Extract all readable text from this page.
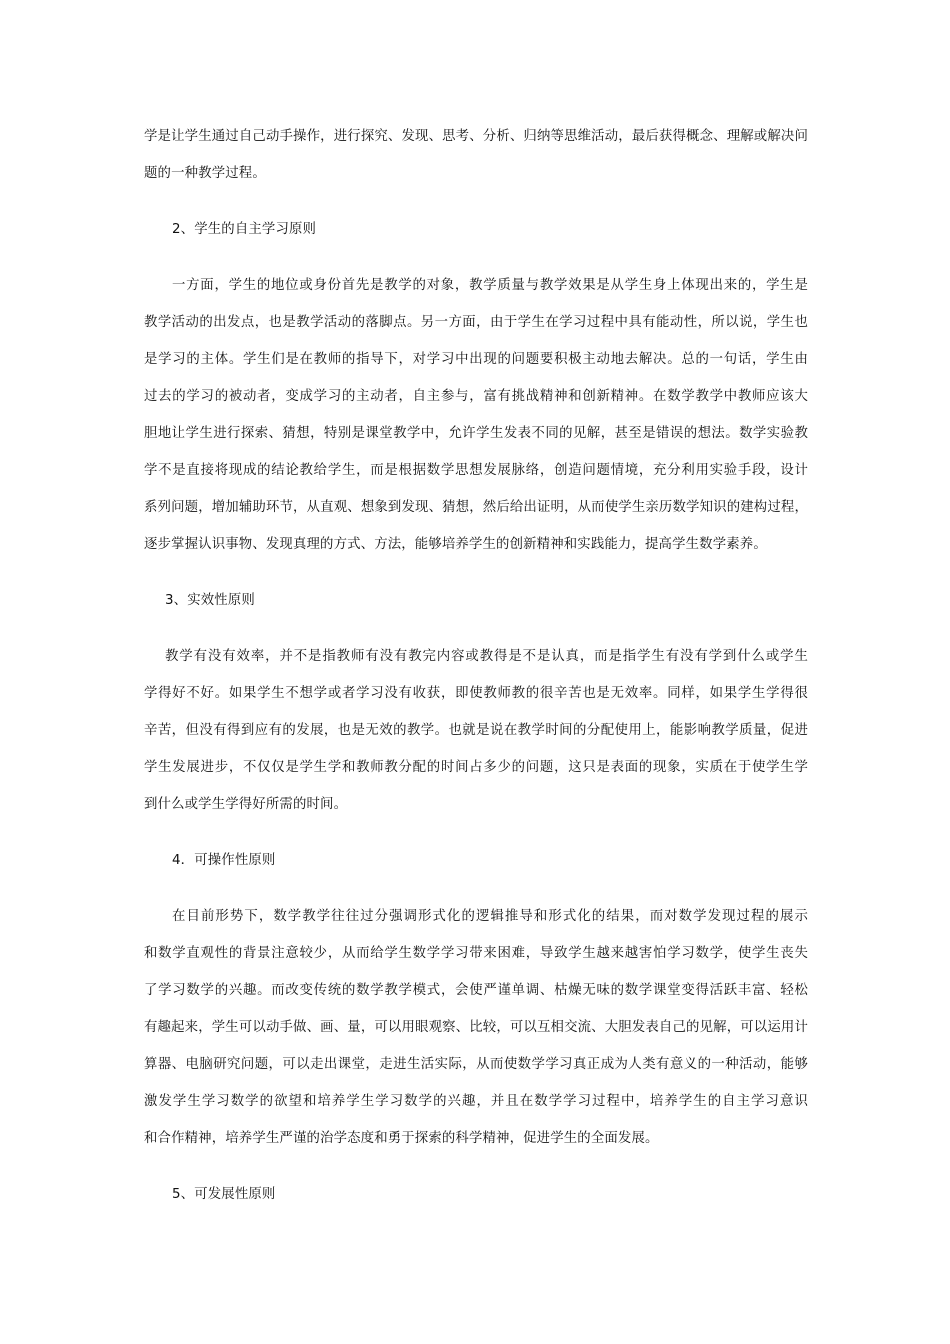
学是让学生通过自己动手操作，进行探究、发现、思考、分析、归纳等思维活动，最后获得概念、理解或解决问
题的一种教学过程。
2、学生的自主学习原则
一方面，学生的地位或身份首先是教学的对象，教学质量与教学效果是从学生身上体现出来的，学生是
教学活动的出发点，也是教学活动的落脚点。另一方面，由于学生在学习过程中具有能动性，所以说，学生也
是学习的主体。学生们是在教师的指导下，对学习中出现的问题要积极主动地去解决。总的一句话，学生由
过去的学习的被动者，变成学习的主动者，自主参与，富有挑战精神和创新精神。在数学教学中教师应该大
胆地让学生进行探索、猜想，特别是课堂教学中，允许学生发表不同的见解，甚至是错误的想法。数学实验教
学不是直接将现成的结论教给学生，而是根据数学思想发展脉络，创造问题情境，充分利用实验手段，设计
系列问题，增加辅助环节，从直观、想象到发现、猜想，然后给出证明，从而使学生亲历数学知识的建构过程，
逐步掌握认识事物、发现真理的方式、方法，能够培养学生的创新精神和实践能力，提高学生数学素养。
3、实效性原则
教学有没有效率，并不是指教师有没有教完内容或教得是不是认真，而是指学生有没有学到什么或学生
学得好不好。如果学生不想学或者学习没有收获，即使教师教的很辛苦也是无效率。同样，如果学生学得很
辛苦，但没有得到应有的发展，也是无效的教学。也就是说在教学时间的分配使用上，能影响教学质量，促进
学生发展进步，不仅仅是学生学和教师教分配的时间占多少的问题，这只是表面的现象，实质在于使学生学
到什么或学生学得好所需的时间。
4．可操作性原则
在目前形势下，数学教学往往过分强调形式化的逻辑推导和形式化的结果，而对数学发现过程的展示
和数学直观性的背景注意较少，从而给学生数学学习带来困难，导致学生越来越害怕学习数学，使学生丧失
了学习数学的兴趣。而改变传统的数学教学模式，会使严谨单调、枯燥无味的数学课堂变得活跃丰富、轻松
有趣起来，学生可以动手做、画、量，可以用眼观察、比较，可以互相交流、大胆发表自己的见解，可以运用计
算器、电脑研究问题，可以走出课堂，走进生活实际，从而使数学学习真正成为人类有意义的一种活动，能够
激发学生学习数学的欲望和培养学生学习数学的兴趣，并且在数学学习过程中，培养学生的自主学习意识
和合作精神，培养学生严谨的治学态度和勇于探索的科学精神，促进学生的全面发展。
5、可发展性原则
